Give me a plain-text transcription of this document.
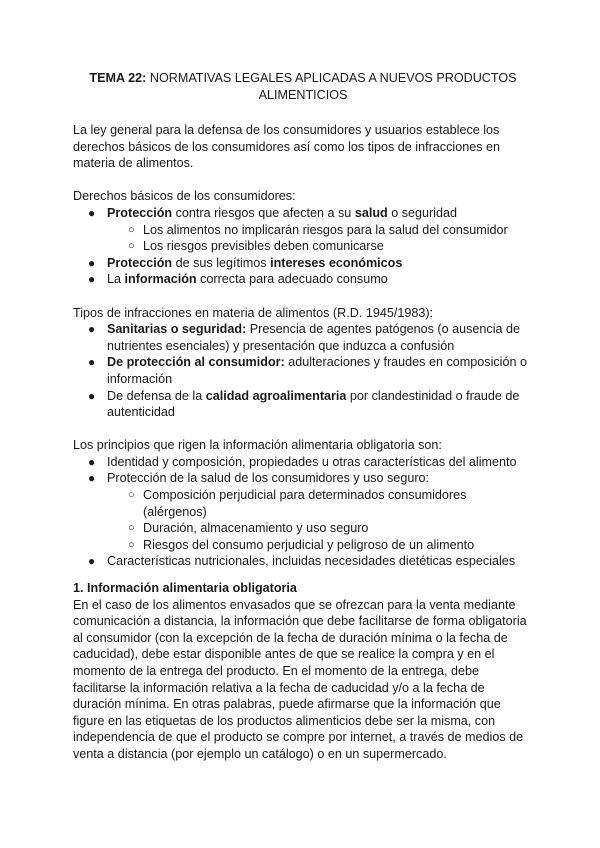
TEMA 22: NORMATIVAS LEGALES APLICADAS A NUEVOS PRODUCTOS
ALIMENTICIOS

La ley general para la defensa de los consumidores y usuarios establece los derechos básicos de los consumidores así como los tipos de infracciones en materia de alimentos.

Derechos básicos de los consumidores:

● Protección contra riesgos que afecten a su salud o seguridad
○ Los alimentos no implicarán riesgos para la salud del consumidor
○ Los riesgos previsibles deben comunicarse
● Protección de sus legítimos intereses económicos
● La información correcta para adecuado consumo

Tipos de infracciones en materia de alimentos (R.D. 1945/1983):

● Sanitarias o seguridad: Presencia de agentes patógenos (o ausencia de nutrientes esenciales) y presentación que induzca a confusión
● De protección al consumidor: adulteraciones y fraudes en composición o información
● De defensa de la calidad agroalimentaria por clandestinidad o fraude de autenticidad

Los principios que rigen la información alimentaria obligatoria son:

● Identidad y composición, propiedades u otras características del alimento
● Protección de la salud de los consumidores y uso seguro:
○ Composición perjudicial para determinados consumidores (alérgenos)
○ Duración, almacenamiento y uso seguro
○ Riesgos del consumo perjudicial y peligroso de un alimento
● Características nutricionales, incluidas necesidades dietéticas especiales

1. Información alimentaria obligatoria

En el caso de los alimentos envasados que se ofrezcan para la venta mediante comunicación a distancia, la información que debe facilitarse de forma obligatoria al consumidor (con la excepción de la fecha de duración mínima o la fecha de caducidad), debe estar disponible antes de que se realice la compra y en el momento de la entrega del producto. En el momento de la entrega, debe facilitarse la información relativa a la fecha de caducidad y/o a la fecha de duración mínima. En otras palabras, puede afirmarse que la información que figure en las etiquetas de los productos alimenticios debe ser la misma, con independencia de que el producto se compre por internet, a través de medios de venta a distancia (por ejemplo un catálogo) o en un supermercado.
